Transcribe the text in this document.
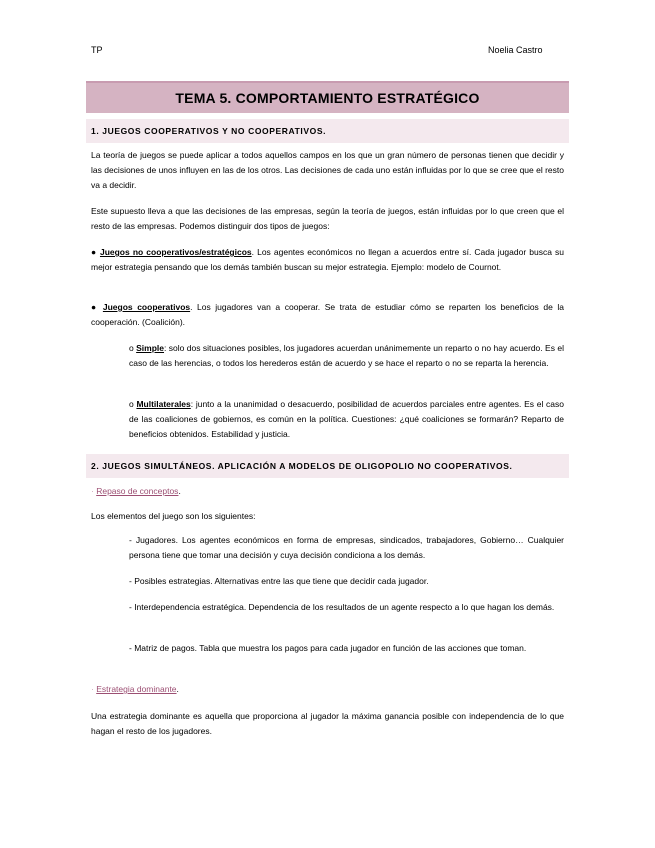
TP	Noelia Castro
TEMA 5. COMPORTAMIENTO ESTRATÉGICO
1. JUEGOS COOPERATIVOS Y NO COOPERATIVOS.

La teoría de juegos se puede aplicar a todos aquellos campos en los que un gran número de personas tienen que decidir y las decisiones de unos influyen en las de los otros. Las decisiones de cada uno están influidas por lo que se cree que el resto va a decidir.

Este supuesto lleva a que las decisiones de las empresas, según la teoría de juegos, están influidas por lo que creen que el resto de las empresas. Podemos distinguir dos tipos de juegos:

● Juegos no cooperativos/estratégicos. Los agentes económicos no llegan a acuerdos entre sí. Cada jugador busca su mejor estrategia pensando que los demás también buscan su mejor estrategia. Ejemplo: modelo de Cournot.

● Juegos cooperativos. Los jugadores van a cooperar. Se trata de estudiar cómo se reparten los beneficios de la cooperación. (Coalición).

o Simple: solo dos situaciones posibles, los jugadores acuerdan unánimemente un reparto o no hay acuerdo. Es el caso de las herencias, o todos los herederos están de acuerdo y se hace el reparto o no se reparta la herencia.

o Multilaterales: junto a la unanimidad o desacuerdo, posibilidad de acuerdos parciales entre agentes. Es el caso de las coaliciones de gobiernos, es común en la política. Cuestiones: ¿qué coaliciones se formarán? Reparto de beneficios obtenidos. Estabilidad y justicia.

2. JUEGOS SIMULTÁNEOS. APLICACIÓN A MODELOS DE OLIGOPOLIO NO COOPERATIVOS.
· Repaso de conceptos.

Los elementos del juego son los siguientes:

- Jugadores. Los agentes económicos en forma de empresas, sindicados, trabajadores, Gobierno… Cualquier persona tiene que tomar una decisión y cuya decisión condiciona a los demás.

- Posibles estrategias. Alternativas entre las que tiene que decidir cada jugador.

- Interdependencia estratégica. Dependencia de los resultados de un agente respecto a lo que hagan los demás.

- Matriz de pagos. Tabla que muestra los pagos para cada jugador en función de las acciones que toman.

· Estrategia dominante.

Una estrategia dominante es aquella que proporciona al jugador la máxima ganancia posible con independencia de lo que hagan el resto de los jugadores.
